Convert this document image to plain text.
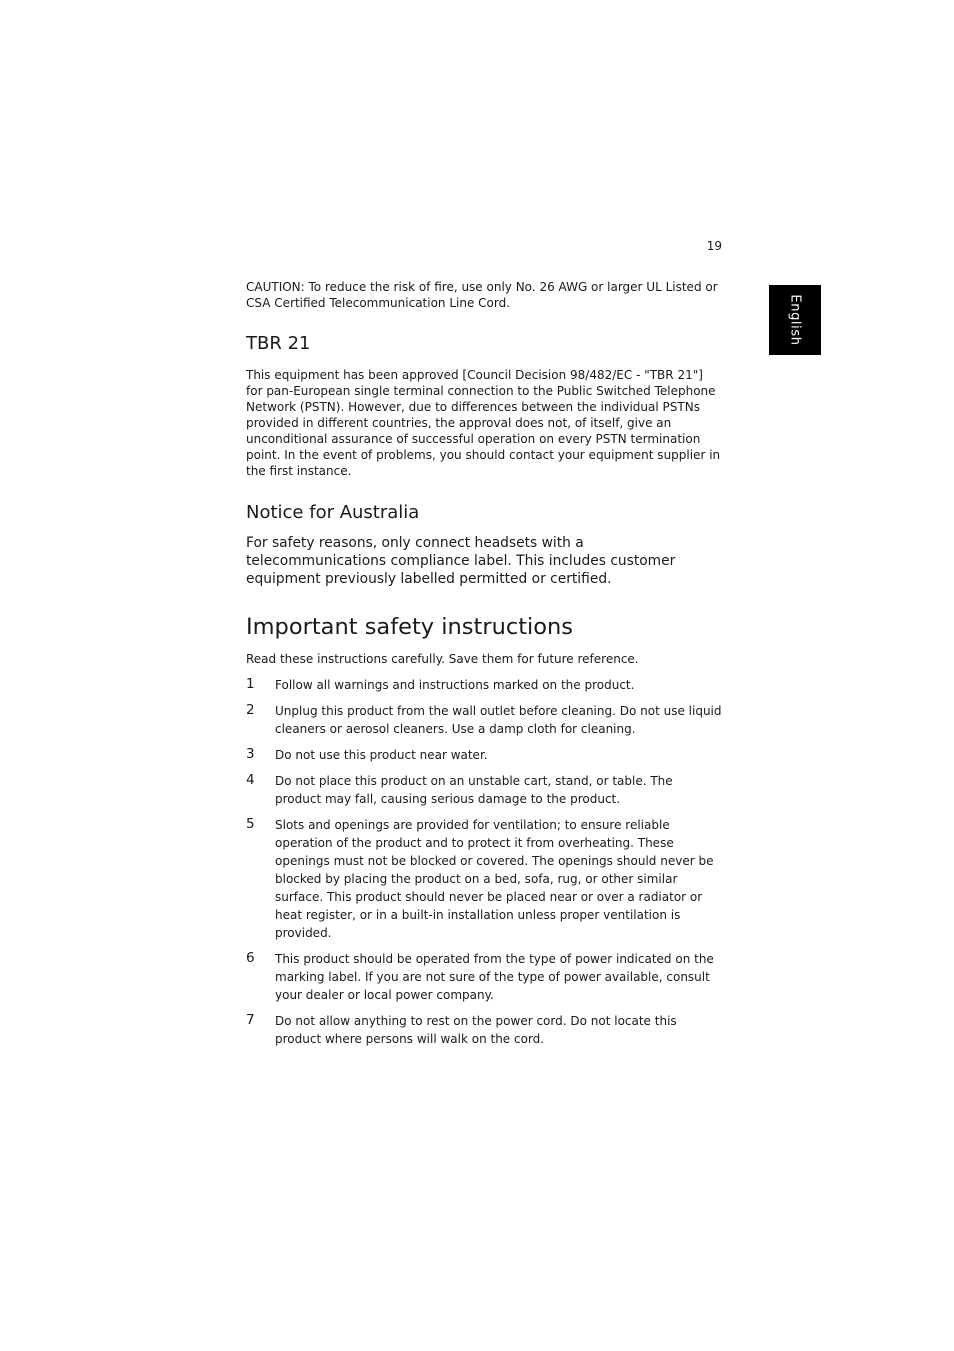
19
English

CAUTION: To reduce the risk of fire, use only No. 26 AWG or larger UL Listed or CSA Certified Telecommunication Line Cord.

TBR 21

This equipment has been approved [Council Decision 98/482/EC - "TBR 21"] for pan-European single terminal connection to the Public Switched Telephone Network (PSTN). However, due to differences between the individual PSTNs provided in different countries, the approval does not, of itself, give an unconditional assurance of successful operation on every PSTN termination point. In the event of problems, you should contact your equipment supplier in the first instance.

Notice for Australia

For safety reasons, only connect headsets with a telecommunications compliance label. This includes customer equipment previously labelled permitted or certified.

Important safety instructions

Read these instructions carefully. Save them for future reference.

1 Follow all warnings and instructions marked on the product.

2 Unplug this product from the wall outlet before cleaning. Do not use liquid cleaners or aerosol cleaners. Use a damp cloth for cleaning.

3 Do not use this product near water.

4 Do not place this product on an unstable cart, stand, or table. The product may fall, causing serious damage to the product.

5 Slots and openings are provided for ventilation; to ensure reliable operation of the product and to protect it from overheating. These openings must not be blocked or covered. The openings should never be blocked by placing the product on a bed, sofa, rug, or other similar surface. This product should never be placed near or over a radiator or heat register, or in a built-in installation unless proper ventilation is provided.

6 This product should be operated from the type of power indicated on the marking label. If you are not sure of the type of power available, consult your dealer or local power company.

7 Do not allow anything to rest on the power cord. Do not locate this product where persons will walk on the cord.
